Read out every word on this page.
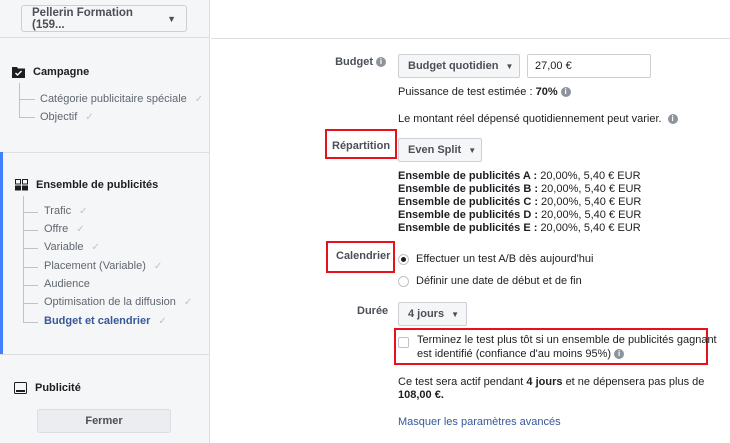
Pellerin Formation (159...	▼
Campagne
Catégorie publicitaire spéciale ✓
Objectif ✓
Ensemble de publicités
Trafic ✓
Offre ✓
Variable ✓
Placement (Variable) ✓
Audience
Optimisation de la diffusion ✓
Budget et calendrier ✓
Publicité
Fermer
Budget i	Budget quotidien ▼	27,00 €
Puissance de test estimée : 70% i
Le montant réel dépensé quotidiennement peut varier. i
Répartition Even Split ▼
Ensemble de publicités A : 20,00%, 5,40 € EUR
Ensemble de publicités B : 20,00%, 5,40 € EUR
Ensemble de publicités C : 20,00%, 5,40 € EUR
Ensemble de publicités D : 20,00%, 5,40 € EUR
Ensemble de publicités E : 20,00%, 5,40 € EUR
Calendrier Effectuer un test A/B dès aujourd'hui
Définir une date de début et de fin
Durée 4 jours ▼
Terminez le test plus tôt si un ensemble de publicités gagnant
est identifié (confiance d'au moins 95%) i
Ce test sera actif pendant 4 jours et ne dépensera pas plus de
108,00 €.
Masquer les paramètres avancés
